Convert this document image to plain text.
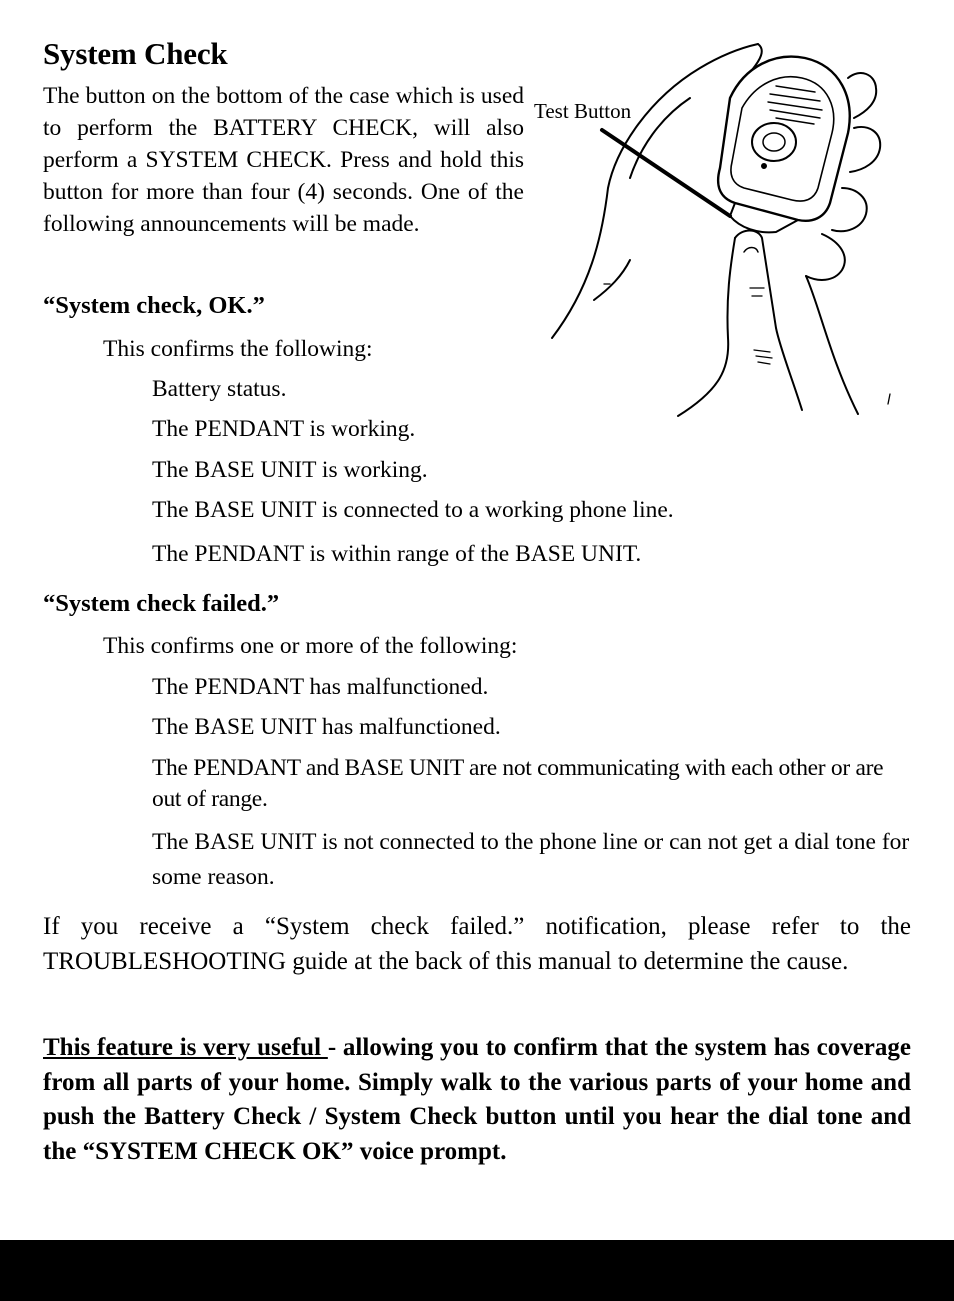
System Check

The button on the bottom of the case which is used to perform the BATTERY CHECK, will also perform a SYSTEM CHECK. Press and hold this button for more than four (4) seconds. One of the following announcements will be made.

Test Button

“System check, OK.”

This confirms the following:

Battery status.

The PENDANT is working.

The BASE UNIT is working.

The BASE UNIT is connected to a working phone line.

The PENDANT is within range of the BASE UNIT.

“System check failed.”

This confirms one or more of the following:

The PENDANT has malfunctioned.

The BASE UNIT has malfunctioned.

The PENDANT and BASE UNIT are not communicating with each other or are out of range.

The BASE UNIT is not connected to the phone line or can not get a dial tone for some reason.

If you receive a “System check failed.” notification, please refer to the TROUBLESHOOTING guide at the back of this manual to determine the cause.

This feature is very useful - allowing you to confirm that the system has coverage from all parts of your home. Simply walk to the various parts of your home and push the Battery Check / System Check button until you hear the dial tone and the “SYSTEM CHECK OK” voice prompt.
